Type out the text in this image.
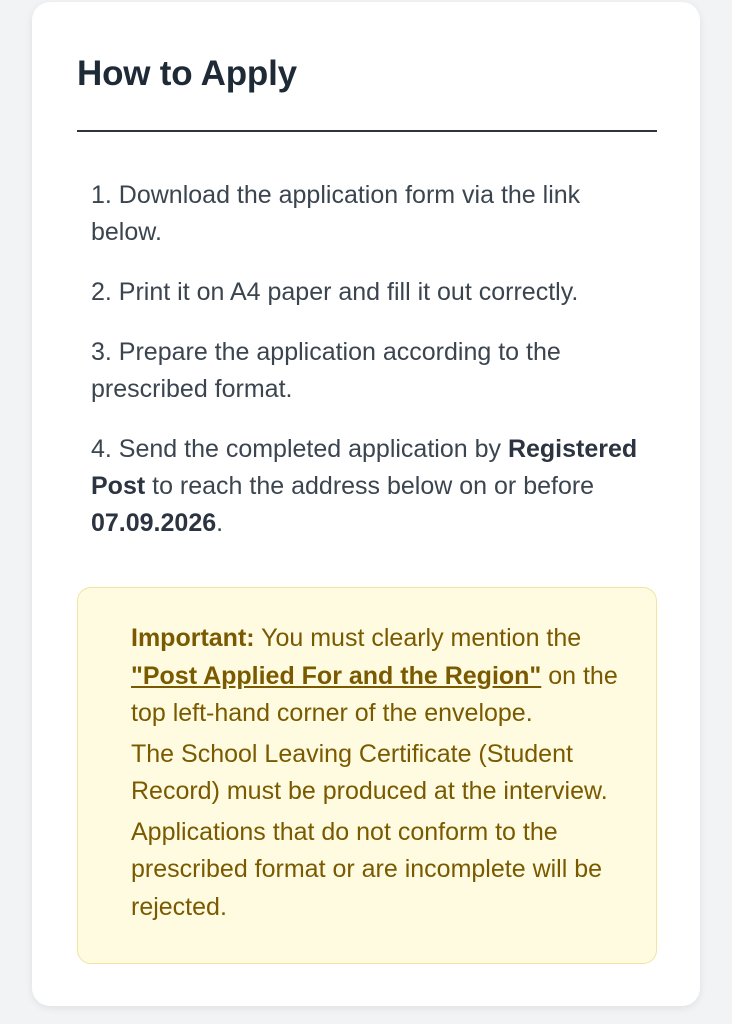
How to Apply
1. Download the application form via the link below.
2. Print it on A4 paper and fill it out correctly.
3. Prepare the application according to the prescribed format.
4. Send the completed application by Registered Post to reach the address below on or before 07.09.2026.

Important: You must clearly mention the "Post Applied For and the Region" on the top left-hand corner of the envelope.

The School Leaving Certificate (Student Record) must be produced at the interview.

Applications that do not conform to the prescribed format or are incomplete will be rejected.
